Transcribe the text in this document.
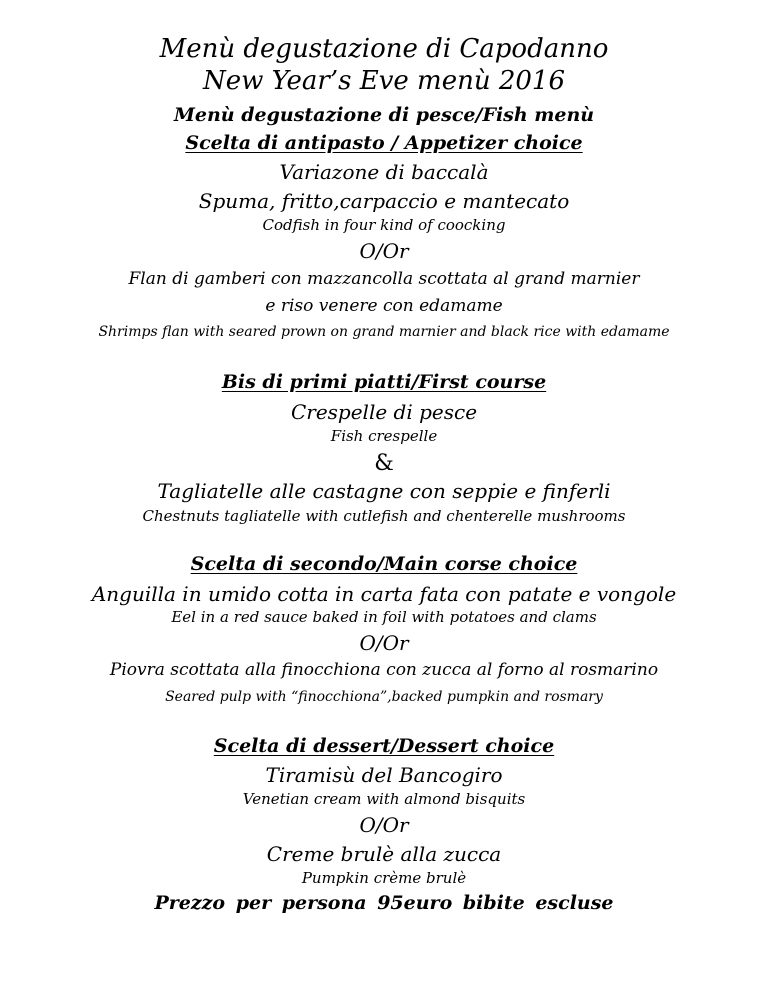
Menù degustazione di Capodanno
New Year’s Eve menù 2016
Menù degustazione di pesce/Fish menù
Scelta di antipasto / Appetizer choice
Variazone di baccalà
Spuma, fritto,carpaccio e mantecato
Codfish in four kind of coocking
O/Or
Flan di gamberi con mazzancolla scottata al grand marnier
e riso venere con edamame
Shrimps flan with seared prown on grand marnier and black rice with edamame
Bis di primi piatti/First course
Crespelle di pesce
Fish crespelle
&
Tagliatelle alle castagne con seppie e finferli
Chestnuts tagliatelle with cutlefish and chenterelle mushrooms
Scelta di secondo/Main corse choice
Anguilla in umido cotta in carta fata con patate e vongole
Eel in a red sauce baked in foil with potatoes and clams
O/Or
Piovra scottata alla finocchiona con zucca al forno al rosmarino
Seared pulp with “finocchiona”,backed pumpkin and rosmary
Scelta di dessert/Dessert choice
Tiramisù del Bancogiro
Venetian cream with almond bisquits
O/Or
Creme brulè alla zucca
Pumpkin crème brulè
Prezzo per persona 95euro bibite escluse
